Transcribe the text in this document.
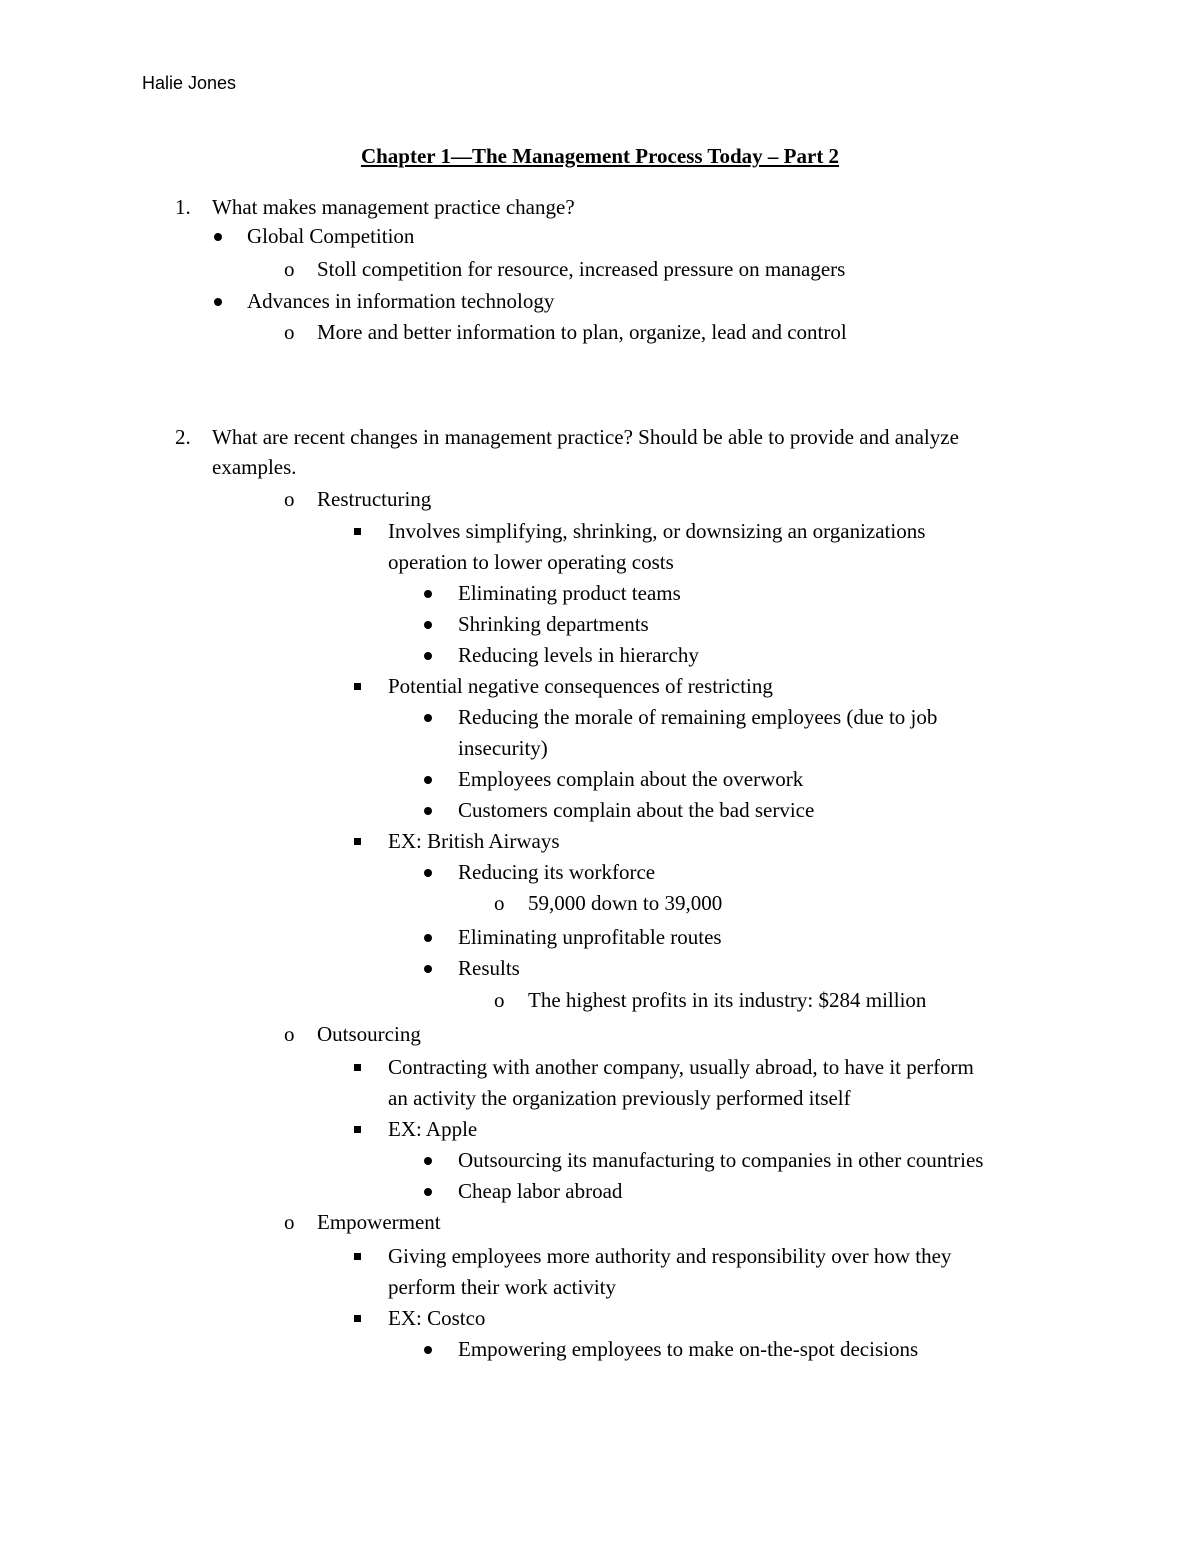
Halie Jones
Chapter 1—The Management Process Today – Part 2
1. What makes management practice change?
Global Competition
o Stoll competition for resource, increased pressure on managers
Advances in information technology
o More and better information to plan, organize, lead and control
2. What are recent changes in management practice? Should be able to provide and analyze
examples.
o Restructuring
Involves simplifying, shrinking, or downsizing an organizations
operation to lower operating costs
Eliminating product teams
Shrinking departments
Reducing levels in hierarchy
Potential negative consequences of restricting
Reducing the morale of remaining employees (due to job
insecurity)
Employees complain about the overwork
Customers complain about the bad service
EX: British Airways
Reducing its workforce
o 59,000 down to 39,000
Eliminating unprofitable routes
Results
o The highest profits in its industry: $284 million
o Outsourcing
Contracting with another company, usually abroad, to have it perform
an activity the organization previously performed itself
EX: Apple
Outsourcing its manufacturing to companies in other countries
Cheap labor abroad
o Empowerment
Giving employees more authority and responsibility over how they
perform their work activity
EX: Costco
Empowering employees to make on-the-spot decisions
